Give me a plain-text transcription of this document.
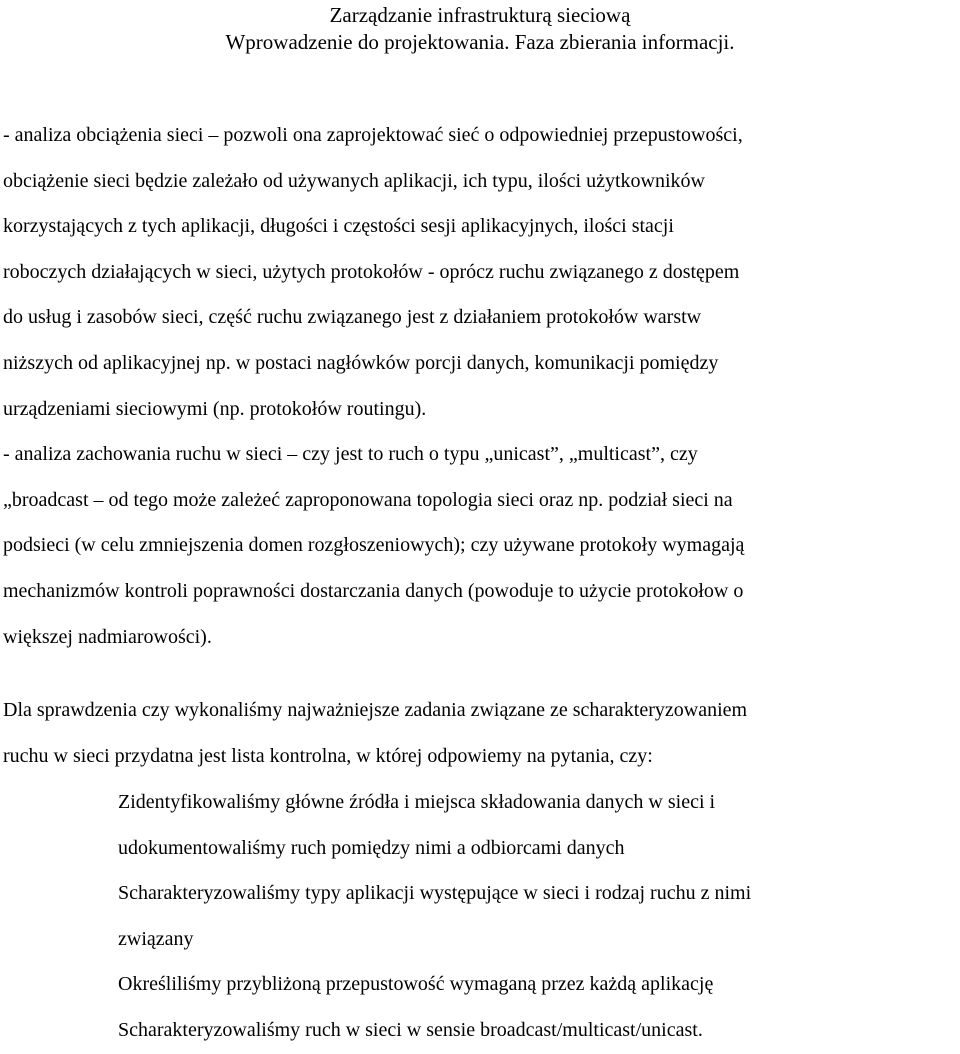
Zarządzanie infrastrukturą sieciową
Wprowadzenie do projektowania. Faza zbierania informacji.
- analiza obciążenia sieci – pozwoli ona zaprojektować sieć o odpowiedniej przepustowości,
obciążenie sieci będzie zależało od używanych aplikacji, ich typu, ilości użytkowników
korzystających z tych aplikacji, długości i częstości sesji aplikacyjnych, ilości stacji
roboczych działających w sieci, użytych protokołów - oprócz ruchu związanego z dostępem
do usług i zasobów sieci, część ruchu związanego jest z działaniem protokołów warstw
niższych od aplikacyjnej np. w postaci nagłówków porcji danych, komunikacji pomiędzy
urządzeniami sieciowymi (np. protokołów routingu).
- analiza zachowania ruchu w sieci – czy jest to ruch o typu „unicast”, „multicast”, czy
„broadcast – od tego może zależeć zaproponowana topologia sieci oraz np. podział sieci na
podsieci (w celu zmniejszenia domen rozgłoszeniowych); czy używane protokoły wymagają
mechanizmów kontroli poprawności dostarczania danych (powoduje to użycie protokołow o
większej nadmiarowości).
Dla sprawdzenia czy wykonaliśmy najważniejsze zadania związane ze scharakteryzowaniem
ruchu w sieci przydatna jest lista kontrolna, w której odpowiemy na pytania, czy:
Zidentyfikowaliśmy główne źródła i miejsca składowania danych w sieci i
udokumentowaliśmy ruch pomiędzy nimi a odbiorcami danych
Scharakteryzowaliśmy typy aplikacji występujące w sieci i rodzaj ruchu z nimi
związany
Określiliśmy przybliżoną przepustowość wymaganą przez każdą aplikację
Scharakteryzowaliśmy ruch w sieci w sensie broadcast/multicast/unicast.
